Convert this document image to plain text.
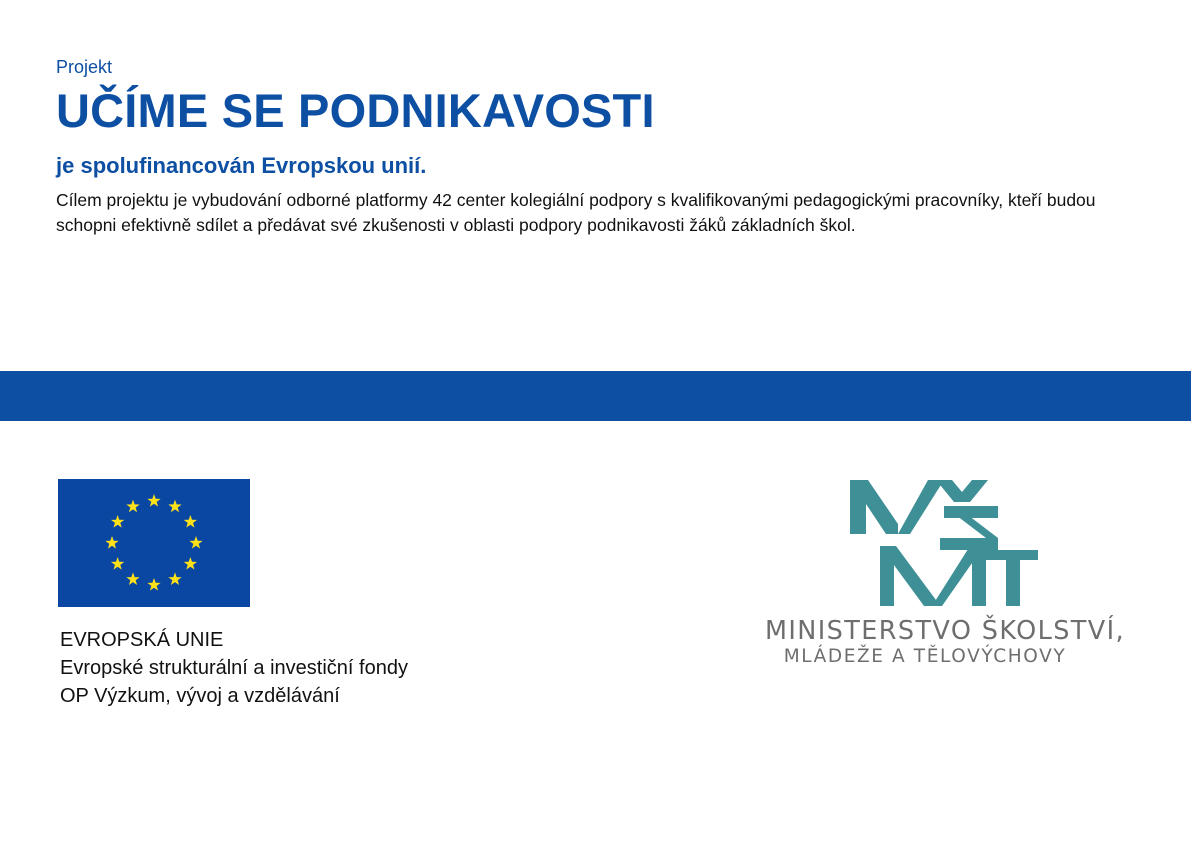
Projekt

UČÍME SE PODNIKAVOSTI

je spolufinancován Evropskou unií.

Cílem projektu je vybudování odborné platformy 42 center kolegiální podpory s kvalifikovanými pedagogickými pracovníky, kteří budou schopni efektivně sdílet a předávat své zkušenosti v oblasti podpory podnikavosti žáků základních škol.

EVROPSKÁ UNIE
Evropské strukturální a investiční fondy
OP Výzkum, vývoj a vzdělávání
MINISTERSTVO ŠKOLSTVÍ,
MLÁDEŽE A TĚLOVÝCHOVY
